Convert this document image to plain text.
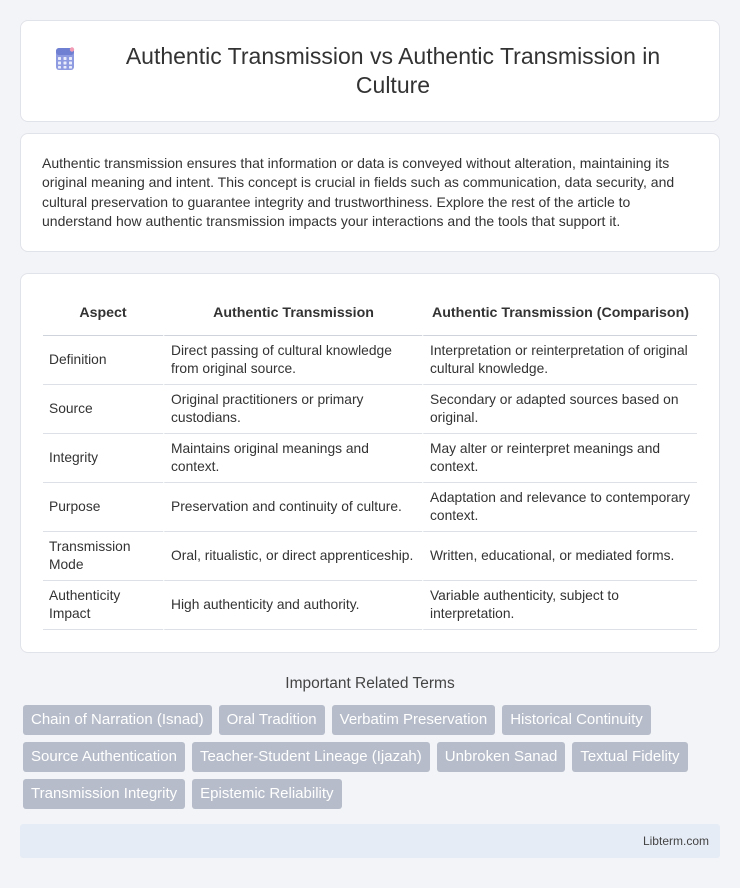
Authentic Transmission vs Authentic Transmission in Culture

Authentic transmission ensures that information or data is conveyed without alteration, maintaining its original meaning and intent. This concept is crucial in fields such as communication, data security, and cultural preservation to guarantee integrity and trustworthiness. Explore the rest of the article to understand how authentic transmission impacts your interactions and the tools that support it.

Aspect	Authentic Transmission	Authentic Transmission (Comparison)
Definition	Direct passing of cultural knowledge from original source.	Interpretation or reinterpretation of original cultural knowledge.
Source	Original practitioners or primary custodians.	Secondary or adapted sources based on original.
Integrity	Maintains original meanings and context.	May alter or reinterpret meanings and context.
Purpose	Preservation and continuity of culture.	Adaptation and relevance to contemporary context.
Transmission Mode	Oral, ritualistic, or direct apprenticeship.	Written, educational, or mediated forms.
Authenticity Impact	High authenticity and authority.	Variable authenticity, subject to interpretation.
Important Related Terms
Chain of Narration (Isnad)	Oral Tradition	Verbatim Preservation	Historical Continuity
Source Authentication	Teacher-Student Lineage (Ijazah)	Unbroken Sanad	Textual Fidelity
Transmission Integrity	Epistemic Reliability
Libterm.com
